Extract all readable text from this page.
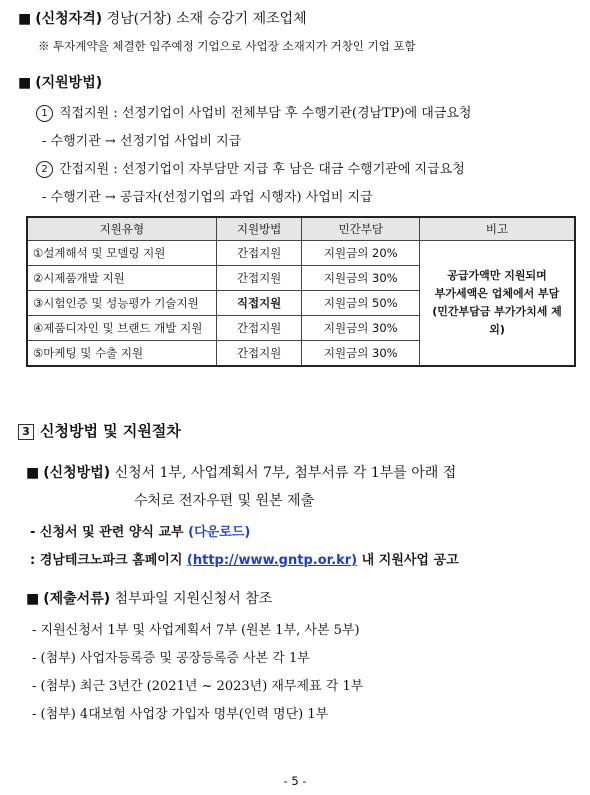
■ (신청자격) 경남(거창) 소재 승강기 제조업체
※ 투자계약을 체결한 입주예정 기업으로 사업장 소재지가 거창인 기업 포함
■ (지원방법)
1 직접지원 : 선정기업이 사업비 전체부담 후 수행기관(경남TP)에 대금요청
- 수행기관 → 선정기업 사업비 지급
2 간접지원 : 선정기업이 자부담만 지급 후 남은 대금 수행기관에 지급요청
- 수행기관 → 공급자(선정기업의 과업 시행자) 사업비 지급
지원유형	지원방법	민간부담	비고
①설계해석 및 모델링 지원	간접지원	지원금의 20%	공급가액만 지원되며
부가세액은 업체에서 부담
(민간부담금 부가가치세 제외)

②시제품개발 지원	간접지원	지원금의 30%	
③시험인증 및 성능평가 기술지원	직접지원	지원금의 50%	
④제품디자인 및 브랜드 개발 지원	간접지원	지원금의 30%	
⑤마케팅 및 수출 지원	간접지원	지원금의 30%	
3 신청방법 및 지원절차
■ (신청방법) 신청서 1부, 사업계획서 7부, 첨부서류 각 1부를 아래 접
수처로 전자우편 및 원본 제출
- 신청서 및 관련 양식 교부 (다운로드)
: 경남테크노파크 홈페이지 (http://www.gntp.or.kr) 내 지원사업 공고
■ (제출서류) 첨부파일 지원신청서 참조
- 지원신청서 1부 및 사업계획서 7부 (원본 1부, 사본 5부)
- (첨부) 사업자등록증 및 공장등록증 사본 각 1부
- (첨부) 최근 3년간 (2021년 ~ 2023년) 재무제표 각 1부
- (첨부) 4대보험 사업장 가입자 명부(인력 명단) 1부
- 5 -
